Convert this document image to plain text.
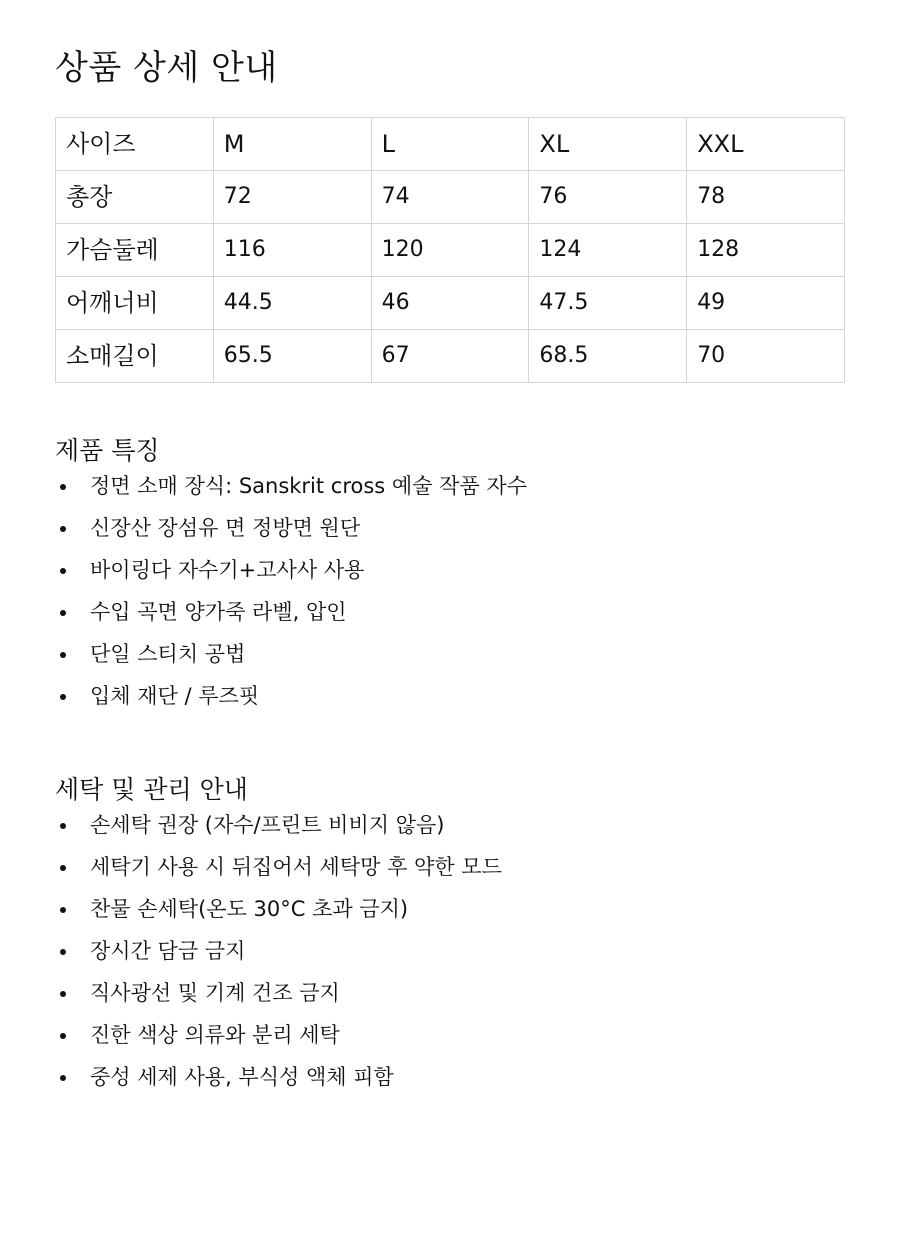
상품 상세 안내
사이즈	M	L	XL	XXL
총장	72	74	76	78
가슴둘레	116	120	124	128
어깨너비	44.5	46	47.5	49
소매길이	65.5	67	68.5	70
제품 특징
정면 소매 장식: Sanskrit cross 예술 작품 자수
신장산 장섬유 면 정방면 원단
바이링다 자수기+고사사 사용
수입 곡면 양가죽 라벨, 압인
단일 스티치 공법
입체 재단 / 루즈핏
세탁 및 관리 안내
손세탁 권장 (자수/프린트 비비지 않음)
세탁기 사용 시 뒤집어서 세탁망 후 약한 모드
찬물 손세탁(온도 30°C 초과 금지)
장시간 담금 금지
직사광선 및 기계 건조 금지
진한 색상 의류와 분리 세탁
중성 세제 사용, 부식성 액체 피함
